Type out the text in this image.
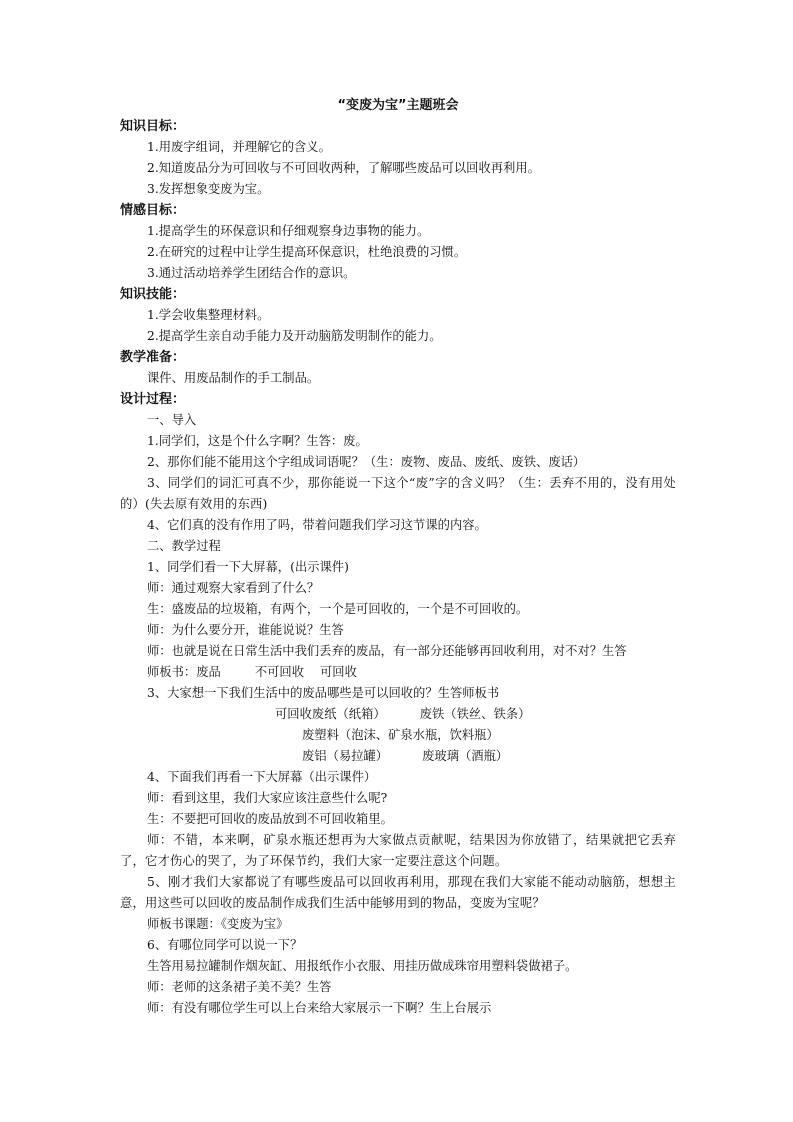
“变废为宝”主题班会
知识目标：
1.用废字组词，并理解它的含义。
2.知道废品分为可回收与不可回收两种，了解哪些废品可以回收再利用。
3.发挥想象变废为宝。
情感目标：
1.提高学生的环保意识和仔细观察身边事物的能力。
2.在研究的过程中让学生提高环保意识，杜绝浪费的习惯。
3.通过活动培养学生团结合作的意识。
知识技能：
1.学会收集整理材料。
2.提高学生亲自动手能力及开动脑筋发明制作的能力。
教学准备：
课件、用废品制作的手工制品。
设计过程：
一、导入
1.同学们，这是个什么字啊？生答：废。
2、那你们能不能用这个字组成词语呢？（生：废物、废品、废纸、废铁、废话）
3、同学们的词汇可真不少，那你能说一下这个“废”字的含义吗？（生：丢弃不用的，没有用处的）(失去原有效用的东西)
4、它们真的没有作用了吗，带着问题我们学习这节课的内容。
二、教学过程
1、同学们看一下大屏幕，(出示课件)
师：通过观察大家看到了什么？
生：盛废品的垃圾箱，有两个，一个是可回收的，一个是不可回收的。
师：为什么要分开，谁能说说？生答
师：也就是说在日常生活中我们丢弃的废品，有一部分还能够再回收利用，对不对？生答
师板书：废品	不可回收 可回收
3、大家想一下我们生活中的废品哪些是可以回收的？生答师板书
可回收废纸（纸箱）	废铁（铁丝、铁条）
废塑料（泡沫、矿泉水瓶，饮料瓶）
废铝（易拉罐）	废玻璃（酒瓶）
4、下面我们再看一下大屏幕（出示课件）
师：看到这里，我们大家应该注意些什么呢?
生：不要把可回收的废品放到不可回收箱里。
师：不错，本来啊，矿泉水瓶还想再为大家做点贡献呢，结果因为你放错了，结果就把它丢弃了，它才伤心的哭了，为了环保节约，我们大家一定要注意这个问题。
5、刚才我们大家都说了有哪些废品可以回收再利用，那现在我们大家能不能动动脑筋，想想主意，用这些可以回收的废品制作成我们生活中能够用到的物品，变废为宝呢？
师板书课题：《变废为宝》
6、有哪位同学可以说一下？
生答用易拉罐制作烟灰缸、用报纸作小衣服、用挂历做成珠帘用塑料袋做裙子。
师：老师的这条裙子美不美？生答
师：有没有哪位学生可以上台来给大家展示一下啊？生上台展示
